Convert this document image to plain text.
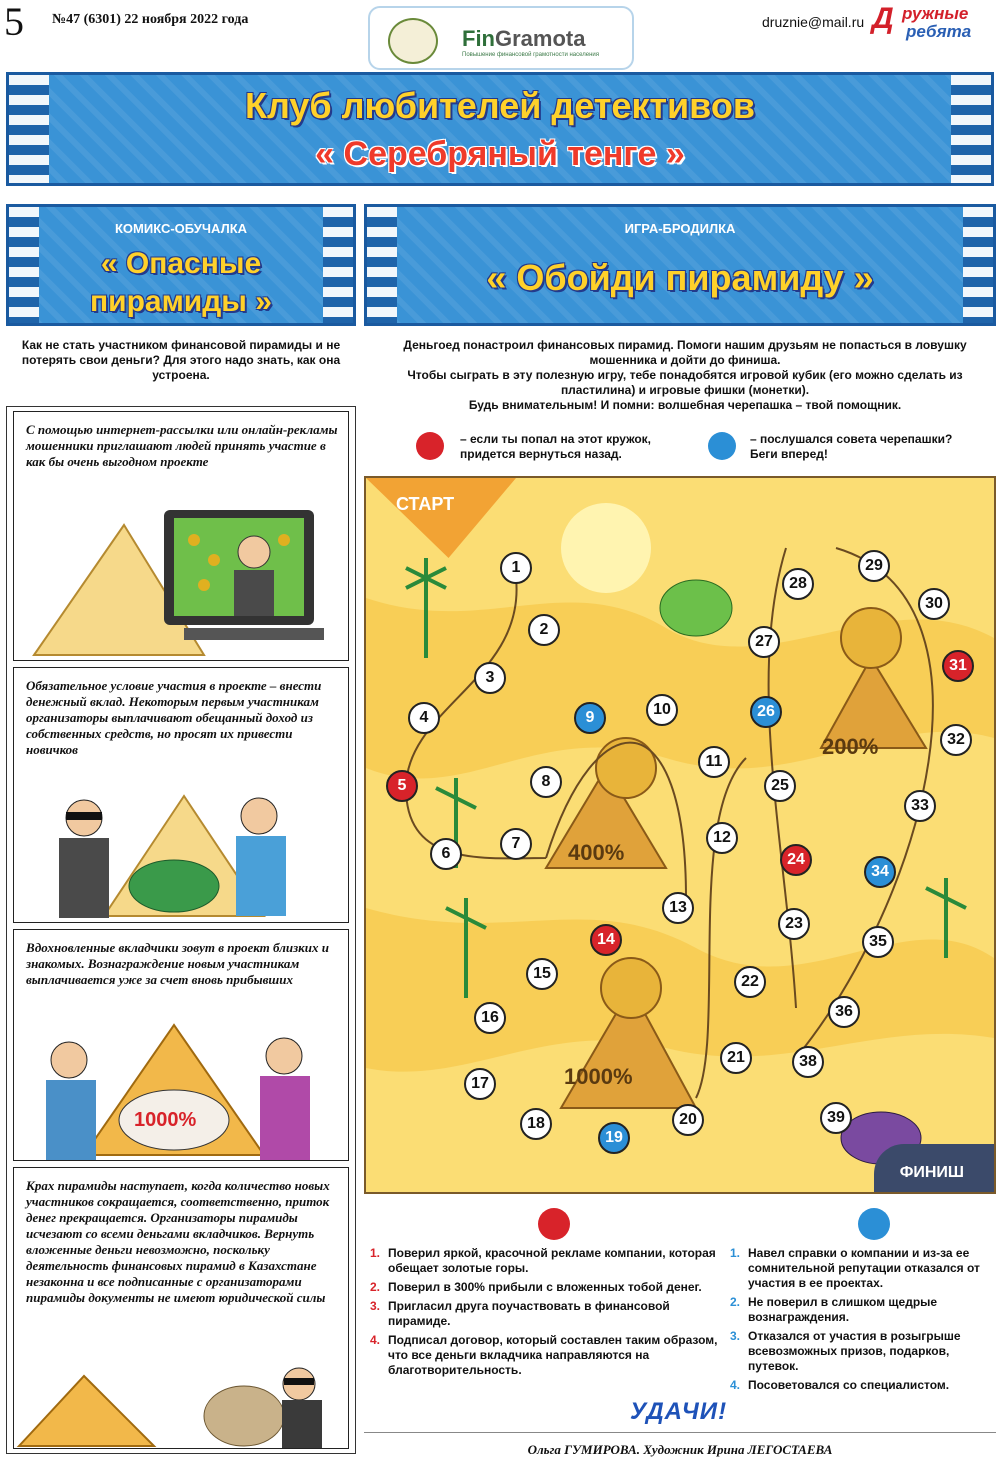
5 №47 (6301) 22 ноября 2022 года
FinGramota
Повышение финансовой грамотности населения
druznie@mail.ru Д ружные
ребята
Клуб любителей детективов
« Серебряный тенге »
КОМИКС-ОБУЧАЛКА
« Опасные
пирамиды »
ИГРА-БРОДИЛКА
« Обойди пирамиду »
Как не стать участником финансовой пирамиды и не потерять свои деньги? Для этого надо знать, как она устроена.
Деньгоед понастроил финансовых пирамид. Помоги нашим друзьям не попасться в ловушку мошенника и дойти до финиша.
Чтобы сыграть в эту полезную игру, тебе понадобятся игровой кубик (его можно сделать из пластилина) и игровые фишки (монетки).
Будь внимательным! И помни: волшебная черепашка – твой помощник.
– если ты попал на этот кружок, придется вернуться назад.
– послушался совета черепашки? Беги вперед!

С помощью интернет-рассылки или онлайн-рекламы мошенники приглашают людей принять участие в как бы очень выгодном проекте

Обязательное условие участия в проекте – внести денежный вклад. Некоторым первым участникам организаторы выплачивают обещанный доход из собственных средств, но просят их привести новичков

Вдохновленные вкладчики зовут в проект близких и знакомых. Вознаграждение новым участникам выплачивается уже за счет вновь прибывших

1000%

Крах пирамиды наступает, когда количество новых участников сокращается, соответственно, приток денег прекращается. Организаторы пирамиды исчезают со всеми деньгами вкладчиков. Вернуть вложенные деньги невозможно, поскольку деятельность финансовых пирамид в Казахстане незаконна и все подписанные с организаторами пирамиды документы не имеют юридической силы

СТАРТ
ФИНИШ
400%
200%
1000%
1
2
3
4
5
6
7
8
9	10
11
12
13
14
15
16
17
18
19
20
21
22
23
24
25
26
27
28
29
30
31
32
33
34
35
36
38
39
1. Поверил яркой, красочной рекламе компании, которая обещает золотые горы.
2. Поверил в 300% прибыли с вложенных тобой денег.
3. Пригласил друга поучаствовать в финансовой пирамиде.
4. Подписал договор, который составлен таким образом, что все деньги вкладчика направляются на благотворительность.
1. Навел справки о компании и из-за ее сомнительной репутации отказался от участия в ее проектах.
2. Не поверил в слишком щедрые вознаграждения.
3. Отказался от участия в розыгрыше всевозможных призов, подарков, путевок.
4. Посоветовался со специалистом.
УДАЧИ!
Ольга ГУМИРОВА. Художник Ирина ЛЕГОСТАЕВА
